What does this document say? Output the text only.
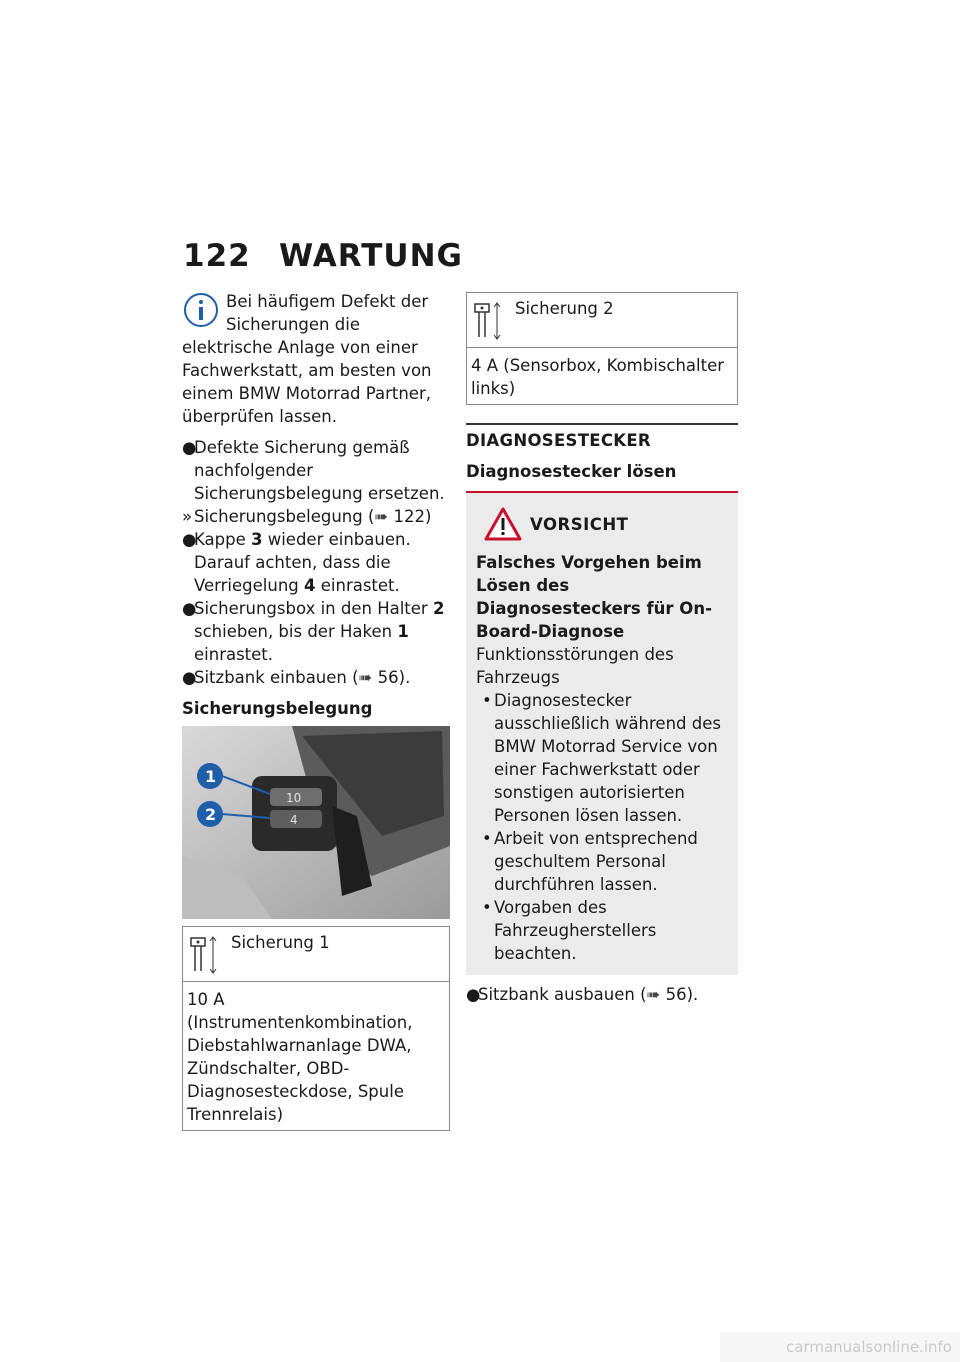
122 WARTUNG

Bei häufigem Defekt der Sicherungen die elektrische Anlage von einer Fachwerkstatt, am besten von einem BMW Motorrad Partner, überprüfen lassen.

●Defekte Sicherung gemäß nachfolgender Sicherungsbelegung ersetzen.

» Sicherungsbelegung (➠ 122)

●Kappe 3 wieder einbauen.

Darauf achten, dass die Verriegelung 4 einrastet.

●Sicherungsbox in den Halter 2 schieben, bis der Haken 1 einrastet.

●Sitzbank einbauen (➠ 56).

Sicherungsbelegung

10
4
1
2
Sicherung 1
10 A (Instrumentenkombination, Diebstahlwarnanlage DWA, Zündschalter, OBD-Diagnosesteckdose, Spule Trennrelais)
Sicherung 2
4 A (Sensorbox, Kombischalter links)

DIAGNOSESTECKER

Diagnosestecker lösen

VORSICHT

Falsches Vorgehen beim Lösen des Diagnosesteckers für On-Board-Diagnose

Funktionsstörungen des Fahrzeugs

• Diagnosestecker ausschließlich während des BMW Motorrad Service von einer Fachwerkstatt oder sonstigen autorisierten Personen lösen lassen.

• Arbeit von entsprechend geschultem Personal durchführen lassen.

• Vorgaben des Fahrzeugherstellers beachten.

●Sitzbank ausbauen (➠ 56).

carmanualsonline.info
